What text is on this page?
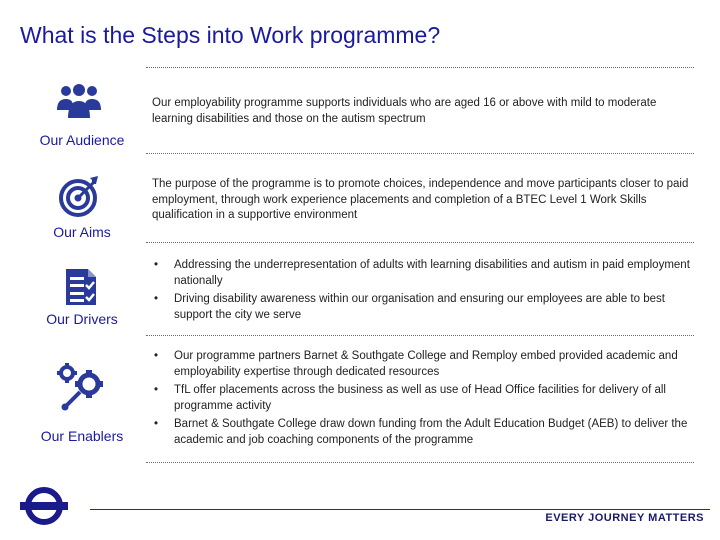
What is the Steps into Work programme?
Our Audience
Our employability programme supports individuals who are aged 16 or above with mild to moderate learning disabilities and those on the autism spectrum
Our Aims
The purpose of the programme is to promote choices, independence and move participants closer to paid employment, through work experience placements and completion of a BTEC Level 1 Work Skills qualification in a supportive environment
Our Drivers
• Addressing the underrepresentation of adults with learning disabilities and autism in paid employment nationally
• Driving disability awareness within our organisation and ensuring our employees are able to best support the city we serve
Our Enablers
• Our programme partners Barnet & Southgate College and Remploy embed provided academic and employability expertise through dedicated resources
• TfL offer placements across the business as well as use of Head Office facilities for delivery of all programme activity
• Barnet & Southgate College draw down funding from the Adult Education Budget (AEB) to deliver the academic and job coaching components of the programme
EVERY JOURNEY MATTERS
